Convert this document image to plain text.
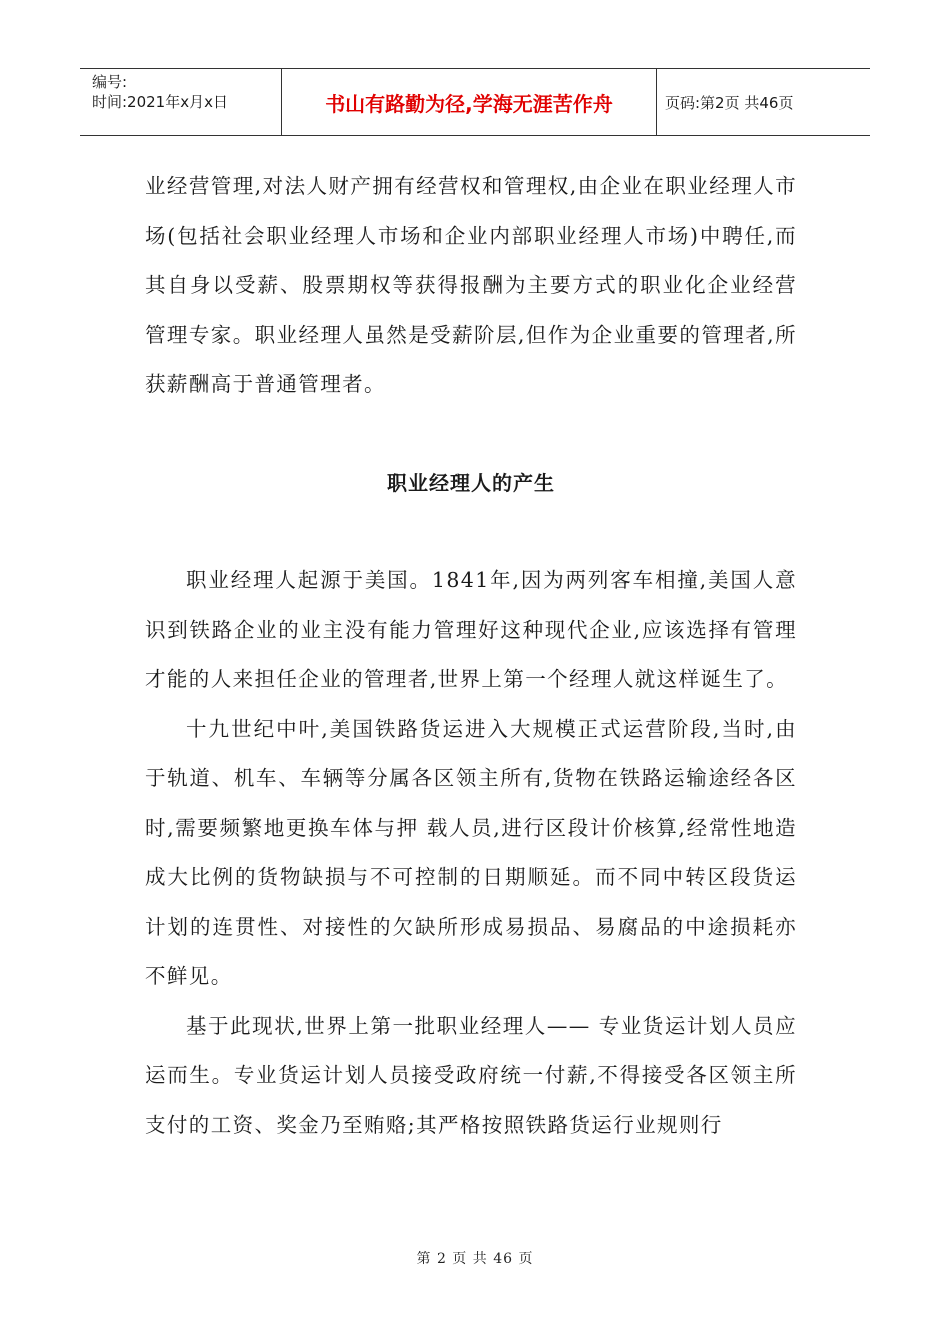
编号:
时间:2021年x月x日	书山有路勤为径,学海无涯苦作舟	页码:第2页 共46页

业经营管理,对法人财产拥有经营权和管理权,由企业在职业经理人市场(包括社会职业经理人市场和企业内部职业经理人市场)中聘任,而其自身以受薪、股票期权等获得报酬为主要方式的职业化企业经营管理专家。职业经理人虽然是受薪阶层,但作为企业重要的管理者,所获薪酬高于普通管理者。

职业经理人的产生

职业经理人起源于美国。1841年,因为两列客车相撞,美国人意识到铁路企业的业主没有能力管理好这种现代企业,应该选择有管理才能的人来担任企业的管理者,世界上第一个经理人就这样诞生了。

十九世纪中叶,美国铁路货运进入大规模正式运营阶段,当时,由于轨道、机车、车辆等分属各区领主所有,货物在铁路运输途经各区时,需要频繁地更换车体与押 载人员,进行区段计价核算,经常性地造成大比例的货物缺损与不可控制的日期顺延。而不同中转区段货运计划的连贯性、对接性的欠缺所形成易损品、易腐品的中途损耗亦不鲜见。

基于此现状,世界上第一批职业经理人—— 专业货运计划人员应运而生。专业货运计划人员接受政府统一付薪,不得接受各区领主所支付的工资、奖金乃至贿赂;其严格按照铁路货运行业规则行

第 2 页 共 46 页
